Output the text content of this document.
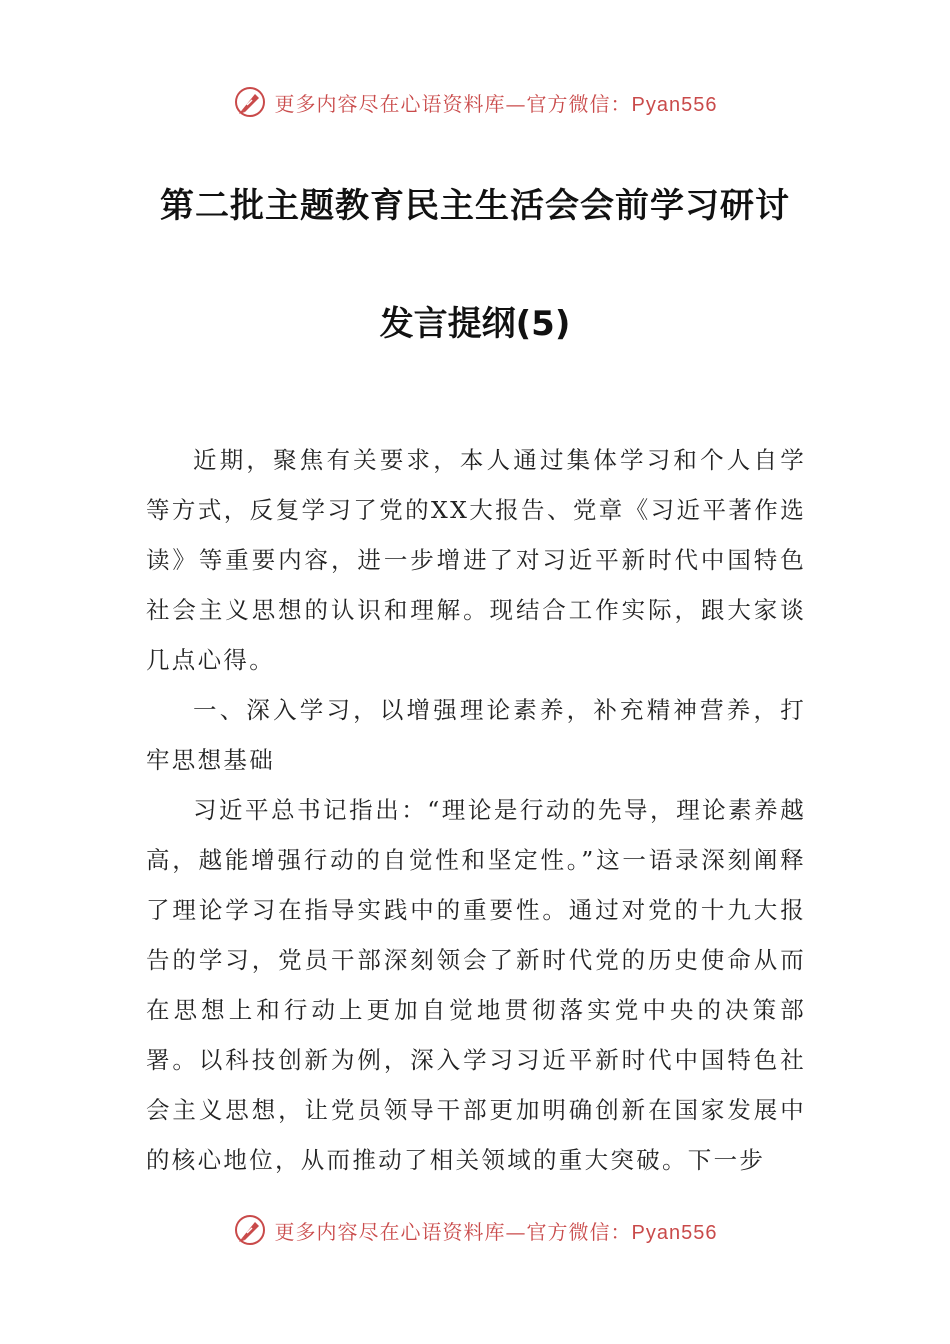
更多内容尽在心语资料库—官方微信：Pyan556
第二批主题教育民主生活会会前学习研讨
发言提纲(5)

近期，聚焦有关要求，本人通过集体学习和个人自学等方式，反复学习了党的XX大报告、党章《习近平著作选读》等重要内容，进一步增进了对习近平新时代中国特色社会主义思想的认识和理解。现结合工作实际，跟大家谈几点心得。

一、深入学习，以增强理论素养，补充精神营养，打牢思想基础

习近平总书记指出：“理论是行动的先导，理论素养越高，越能增强行动的自觉性和坚定性。”这一语录深刻阐释了理论学习在指导实践中的重要性。通过对党的十九大报告的学习，党员干部深刻领会了新时代党的历史使命从而在思想上和行动上更加自觉地贯彻落实党中央的决策部署。以科技创新为例，深入学习习近平新时代中国特色社会主义思想，让党员领导干部更加明确创新在国家发展中的核心地位，从而推动了相关领域的重大突破。下一步

更多内容尽在心语资料库—官方微信：Pyan556
